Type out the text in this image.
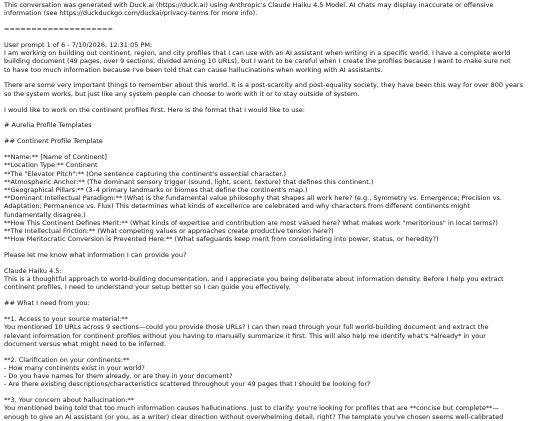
This conversation was generated with Duck.ai (https://duck.ai) using Anthropic's Claude Haiku 4.5 Model. AI chats may display inaccurate or offensive

information (see https://duckduckgo.com/duckai/privacy-terms for more info).

====================

User prompt 1 of 6 - 7/10/2026, 12:31:05 PM:

I am working on building out continent, region, and city profiles that I can use with an AI assistant when writing in a specific world. I have a complete world

building document (49 pages, over 9 sections, divided among 10 URLs), but I want to be careful when I create the profiles because I want to make sure not

to have too much information because I've been told that can cause hallucinations when working with AI assistants.

There are some very important things to remember about this world. It is a post-scarcity and post-equality society, they have been this way for over 800 years

so the system works, but just like any system people can choose to work with it or to stay outside of system.

I would like to work on the continent profiles first. Here is the format that I would like to use:

# Aurelia Profile Templates

## Continent Profile Template

**Name:** [Name of Continent]

**Location Type:** Continent

**The "Elevator Pitch":** (One sentence capturing the continent's essential character.)

**Atmospheric Anchor:** (The dominant sensory trigger (sound, light, scent, texture) that defines this continent.)

**Geographical Pillars:** (3–4 primary landmarks or biomes that define the continent's map.)

**Dominant Intellectual Paradigm:** (What is the fundamental value philosophy that shapes all work here? (e.g., Symmetry vs. Emergence; Precision vs.

Adaptation; Permanence vs. Flux) This determines what kinds of excellence are celebrated and why characters from different continents might

fundamentally disagree.)

**How This Continent Defines Merit:** (What kinds of expertise and contribution are most valued here? What makes work "meritorious" in local terms?)

**The Intellectual Friction:** (What competing values or approaches create productive tension here?)

**How Meritocratic Conversion is Prevented Here:** (What safeguards keep merit from consolidating into power, status, or heredity?)

Please let me know what information I can provide you?

Claude Haiku 4.5:

This is a thoughtful approach to world-building documentation, and I appreciate you being deliberate about information density. Before I help you extract

continent profiles, I need to understand your setup better so I can guide you effectively.

## What I need from you:

**1. Access to your source material:**

You mentioned 10 URLs across 9 sections—could you provide those URLs? I can then read through your full world-building document and extract the

relevant information for continent profiles without you having to manually summarize it first. This will also help me identify what's *already* in your

document versus what might need to be inferred.

**2. Clarification on your continents:**

- How many continents exist in your world?

- Do you have names for them already, or are they in your document?

- Are there existing descriptions/characteristics scattered throughout your 49 pages that I should be looking for?

**3. Your concern about hallucination:**

You mentioned being told that too much information causes hallucinations. Just to clarify: you're looking for profiles that are **concise but complete**—

enough to give an AI assistant (or you, as a writer) clear direction without overwhelming detail, right? The template you've chosen seems well-calibrated
